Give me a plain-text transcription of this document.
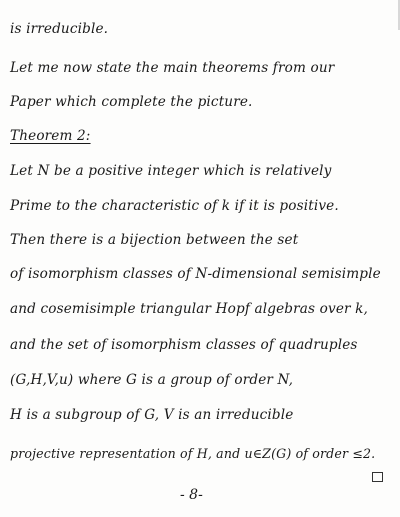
is irreducible.
Let me now state the main theorems from our
Paper which complete the picture.
Theorem 2:
Let N be a positive integer which is relatively
Prime to the characteristic of k if it is positive.
Then there is a bijection between the set
of isomorphism classes of N-dimensional semisimple
and cosemisimple triangular Hopf algebras over k,
and the set of isomorphism classes of quadruples
(G,H,V,u) where G is a group of order N,
H is a subgroup of G, V is an irreducible
projective representation of H, and u∈Z(G) of order ≤2.
- 8-
